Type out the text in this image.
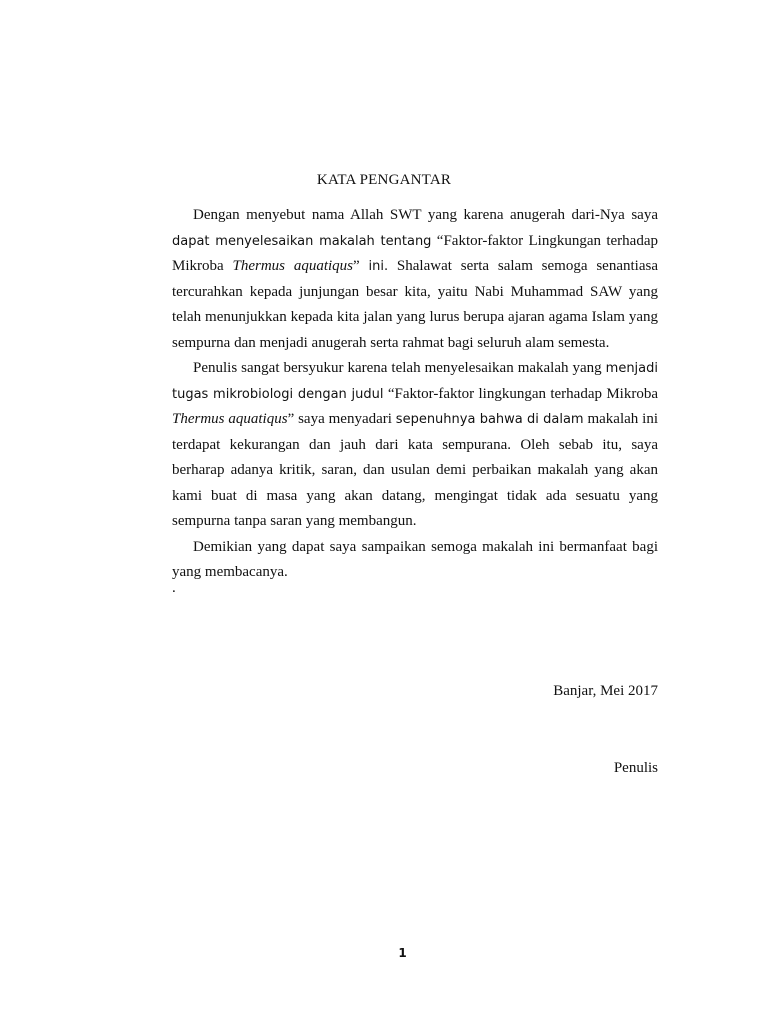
KATA PENGANTAR

Dengan menyebut nama Allah SWT yang karena anugerah dari-Nya saya dapat menyelesaikan makalah tentang “Faktor-faktor Lingkungan terhadap Mikroba Thermus aquatiqus” ini. Shalawat serta salam semoga senantiasa tercurahkan kepada junjungan besar kita, yaitu Nabi Muhammad SAW yang telah menunjukkan kepada kita jalan yang lurus berupa ajaran agama Islam yang sempurna dan menjadi anugerah serta rahmat bagi seluruh alam semesta.

Penulis sangat bersyukur karena telah menyelesaikan makalah yang menjadi tugas mikrobiologi dengan judul “Faktor-faktor lingkungan terhadap Mikroba Thermus aquatiqus” saya menyadari sepenuhnya bahwa di dalam makalah ini terdapat kekurangan dan jauh dari kata sempurana. Oleh sebab itu, saya berharap adanya kritik, saran, dan usulan demi perbaikan makalah yang akan kami buat di masa yang akan datang, mengingat tidak ada sesuatu yang sempurna tanpa saran yang membangun.

Demikian yang dapat saya sampaikan semoga makalah ini bermanfaat bagi yang membacanya.

.
Banjar, Mei 2017
Penulis
1
